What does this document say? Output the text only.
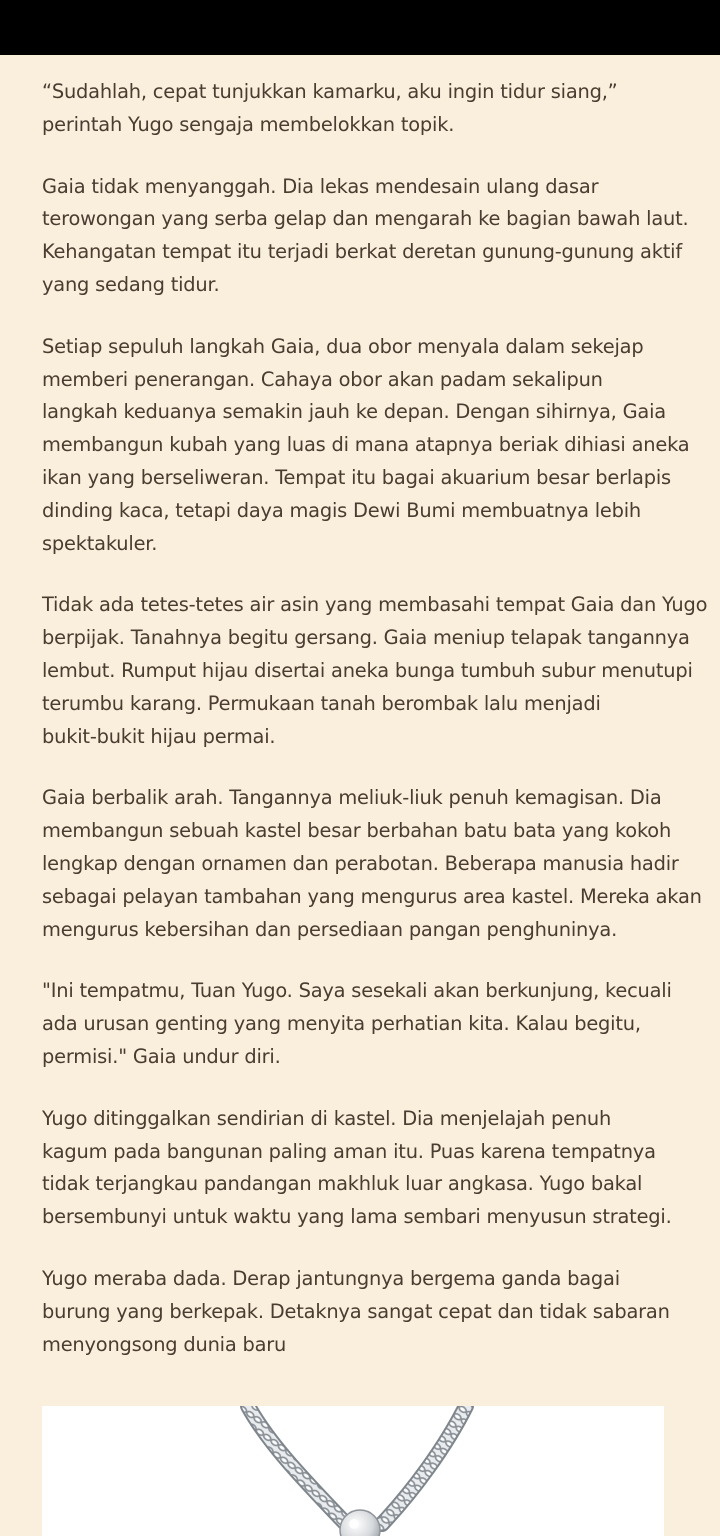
“Sudahlah, cepat tunjukkan kamarku, aku ingin tidur siang,”
perintah Yugo sengaja membelokkan topik.

Gaia tidak menyanggah. Dia lekas mendesain ulang dasar
terowongan yang serba gelap dan mengarah ke bagian bawah laut.
Kehangatan tempat itu terjadi berkat deretan gunung-gunung aktif
yang sedang tidur.

Setiap sepuluh langkah Gaia, dua obor menyala dalam sekejap
memberi penerangan. Cahaya obor akan padam sekalipun
langkah keduanya semakin jauh ke depan. Dengan sihirnya, Gaia
membangun kubah yang luas di mana atapnya beriak dihiasi aneka
ikan yang berseliweran. Tempat itu bagai akuarium besar berlapis
dinding kaca, tetapi daya magis Dewi Bumi membuatnya lebih
spektakuler.

Tidak ada tetes-tetes air asin yang membasahi tempat Gaia dan Yugo
berpijak. Tanahnya begitu gersang. Gaia meniup telapak tangannya
lembut. Rumput hijau disertai aneka bunga tumbuh subur menutupi
terumbu karang. Permukaan tanah berombak lalu menjadi
bukit-bukit hijau permai.

Gaia berbalik arah. Tangannya meliuk-liuk penuh kemagisan. Dia
membangun sebuah kastel besar berbahan batu bata yang kokoh
lengkap dengan ornamen dan perabotan. Beberapa manusia hadir
sebagai pelayan tambahan yang mengurus area kastel. Mereka akan
mengurus kebersihan dan persediaan pangan penghuninya.

"Ini tempatmu, Tuan Yugo. Saya sesekali akan berkunjung, kecuali
ada urusan genting yang menyita perhatian kita. Kalau begitu,
permisi." Gaia undur diri.

Yugo ditinggalkan sendirian di kastel. Dia menjelajah penuh
kagum pada bangunan paling aman itu. Puas karena tempatnya
tidak terjangkau pandangan makhluk luar angkasa. Yugo bakal
bersembunyi untuk waktu yang lama sembari menyusun strategi.

Yugo meraba dada. Derap jantungnya bergema ganda bagai
burung yang berkepak. Detaknya sangat cepat dan tidak sabaran
menyongsong dunia baru
